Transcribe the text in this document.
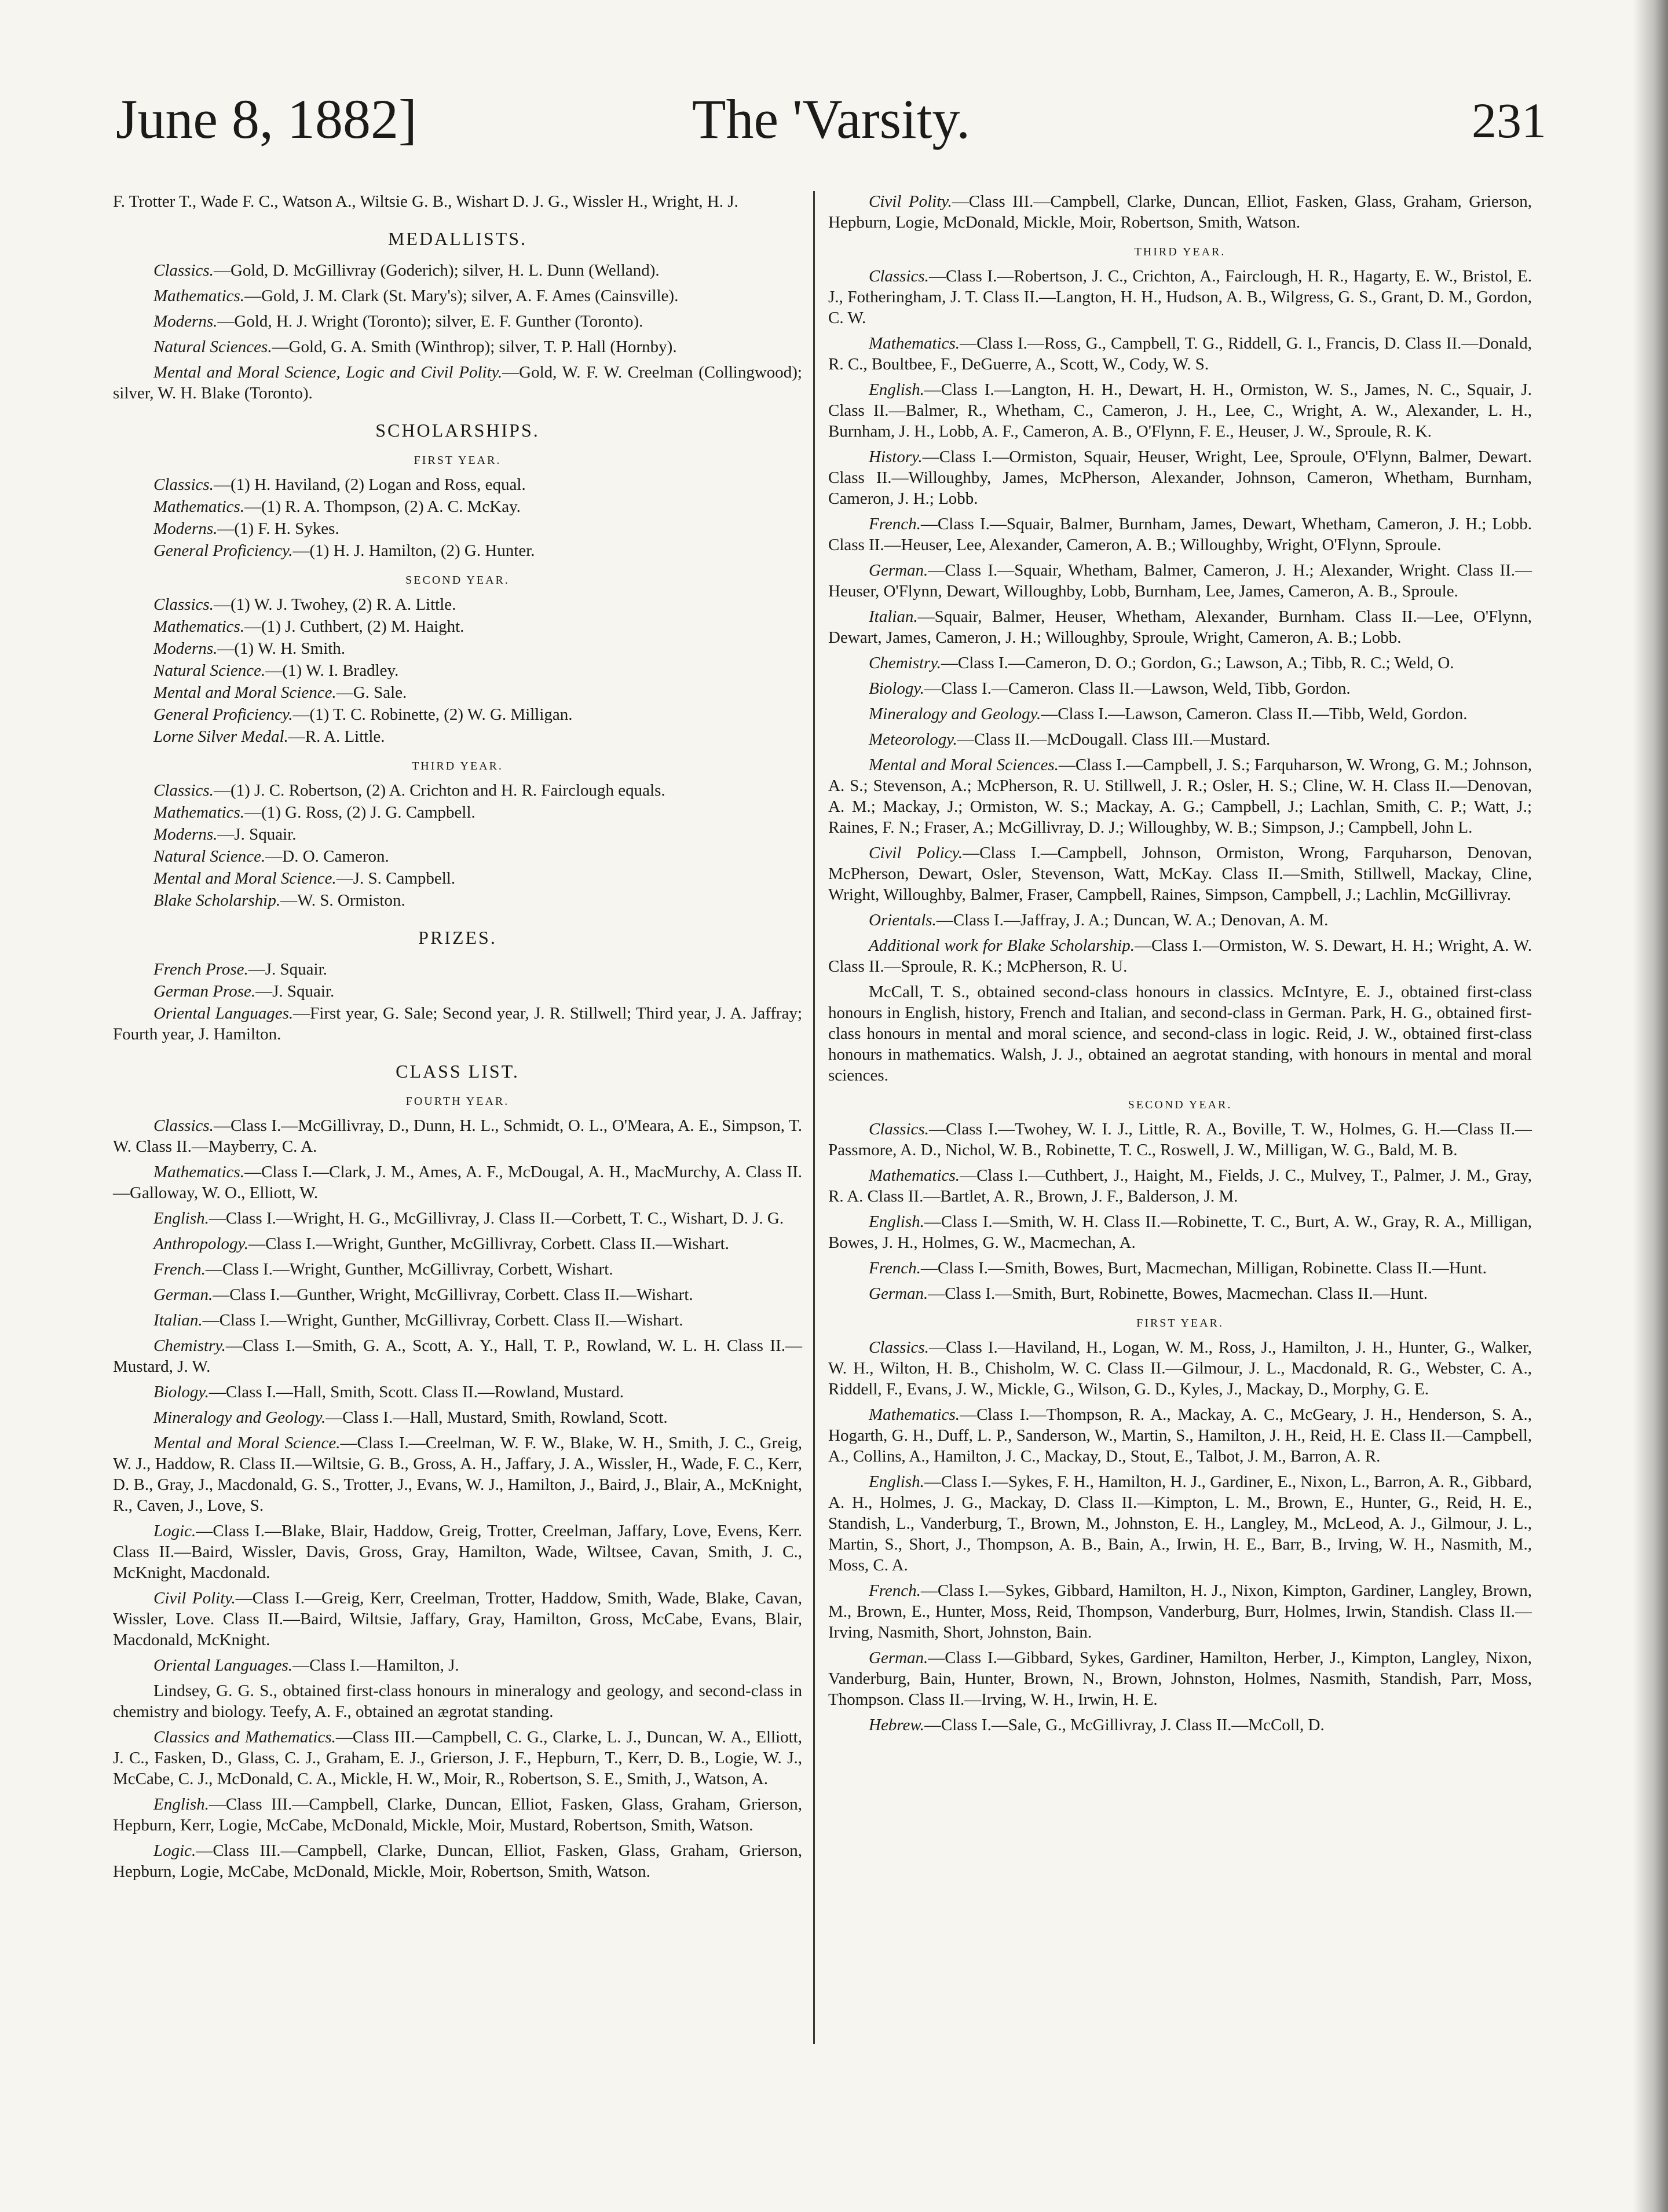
The 'Varsity.
June 8, 1882]	231

F. Trotter T., Wade F. C., Watson A., Wiltsie G. B., Wishart D. J. G., Wissler H., Wright, H. J.

MEDALLISTS.

Classics.—Gold, D. McGillivray (Goderich); silver, H. L. Dunn (Welland).

Mathematics.—Gold, J. M. Clark (St. Mary's); silver, A. F. Ames (Cainsville).

Moderns.—Gold, H. J. Wright (Toronto); silver, E. F. Gunther (Toronto).

Natural Sciences.—Gold, G. A. Smith (Winthrop); silver, T. P. Hall (Hornby).

Mental and Moral Science, Logic and Civil Polity.—Gold, W. F. W. Creelman (Collingwood); silver, W. H. Blake (Toronto).

SCHOLARSHIPS.
FIRST YEAR.

Classics.—(1) H. Haviland, (2) Logan and Ross, equal.

Mathematics.—(1) R. A. Thompson, (2) A. C. McKay.

Moderns.—(1) F. H. Sykes.

General Proficiency.—(1) H. J. Hamilton, (2) G. Hunter.

SECOND YEAR.

Classics.—(1) W. J. Twohey, (2) R. A. Little.

Mathematics.—(1) J. Cuthbert, (2) M. Haight.

Moderns.—(1) W. H. Smith.

Natural Science.—(1) W. I. Bradley.

Mental and Moral Science.—G. Sale.

General Proficiency.—(1) T. C. Robinette, (2) W. G. Milligan.

Lorne Silver Medal.—R. A. Little.

THIRD YEAR.

Classics.—(1) J. C. Robertson, (2) A. Crichton and H. R. Fairclough equals.

Mathematics.—(1) G. Ross, (2) J. G. Campbell.

Moderns.—J. Squair.

Natural Science.—D. O. Cameron.

Mental and Moral Science.—J. S. Campbell.

Blake Scholarship.—W. S. Ormiston.

PRIZES.

French Prose.—J. Squair.

German Prose.—J. Squair.

Oriental Languages.—First year, G. Sale; Second year, J. R. Stillwell; Third year, J. A. Jaffray; Fourth year, J. Hamilton.

CLASS LIST.
FOURTH YEAR.

Classics.—Class I.—McGillivray, D., Dunn, H. L., Schmidt, O. L., O'Meara, A. E., Simpson, T. W. Class II.—Mayberry, C. A.

Mathematics.—Class I.—Clark, J. M., Ames, A. F., McDougal, A. H., MacMurchy, A. Class II.—Galloway, W. O., Elliott, W.

English.—Class I.—Wright, H. G., McGillivray, J. Class II.—Corbett, T. C., Wishart, D. J. G.

Anthropology.—Class I.—Wright, Gunther, McGillivray, Corbett. Class II.—Wishart.

French.—Class I.—Wright, Gunther, McGillivray, Corbett, Wishart.

German.—Class I.—Gunther, Wright, McGillivray, Corbett. Class II.—Wishart.

Italian.—Class I.—Wright, Gunther, McGillivray, Corbett. Class II.—Wishart.

Chemistry.—Class I.—Smith, G. A., Scott, A. Y., Hall, T. P., Rowland, W. L. H. Class II.—Mustard, J. W.

Biology.—Class I.—Hall, Smith, Scott. Class II.—Rowland, Mustard.

Mineralogy and Geology.—Class I.—Hall, Mustard, Smith, Rowland, Scott.

Mental and Moral Science.—Class I.—Creelman, W. F. W., Blake, W. H., Smith, J. C., Greig, W. J., Haddow, R. Class II.—Wiltsie, G. B., Gross, A. H., Jaffary, J. A., Wissler, H., Wade, F. C., Kerr, D. B., Gray, J., Macdonald, G. S., Trotter, J., Evans, W. J., Hamilton, J., Baird, J., Blair, A., McKnight, R., Caven, J., Love, S.

Logic.—Class I.—Blake, Blair, Haddow, Greig, Trotter, Creelman, Jaffary, Love, Evens, Kerr. Class II.—Baird, Wissler, Davis, Gross, Gray, Hamilton, Wade, Wiltsee, Cavan, Smith, J. C., McKnight, Macdonald.

Civil Polity.—Class I.—Greig, Kerr, Creelman, Trotter, Haddow, Smith, Wade, Blake, Cavan, Wissler, Love. Class II.—Baird, Wiltsie, Jaffary, Gray, Hamilton, Gross, McCabe, Evans, Blair, Macdonald, McKnight.

Oriental Languages.—Class I.—Hamilton, J.

Lindsey, G. G. S., obtained first-class honours in mineralogy and geology, and second-class in chemistry and biology. Teefy, A. F., obtained an ægrotat standing.

Classics and Mathematics.—Class III.—Campbell, C. G., Clarke, L. J., Duncan, W. A., Elliott, J. C., Fasken, D., Glass, C. J., Graham, E. J., Grierson, J. F., Hepburn, T., Kerr, D. B., Logie, W. J., McCabe, C. J., McDonald, C. A., Mickle, H. W., Moir, R., Robertson, S. E., Smith, J., Watson, A.

English.—Class III.—Campbell, Clarke, Duncan, Elliot, Fasken, Glass, Graham, Grierson, Hepburn, Kerr, Logie, McCabe, McDonald, Mickle, Moir, Mustard, Robertson, Smith, Watson.

Logic.—Class III.—Campbell, Clarke, Duncan, Elliot, Fasken, Glass, Graham, Grierson, Hepburn, Logie, McCabe, McDonald, Mickle, Moir, Robertson, Smith, Watson.

Civil Polity.—Class III.—Campbell, Clarke, Duncan, Elliot, Fasken, Glass, Graham, Grierson, Hepburn, Logie, McDonald, Mickle, Moir, Robertson, Smith, Watson.

THIRD YEAR.

Classics.—Class I.—Robertson, J. C., Crichton, A., Fairclough, H. R., Hagarty, E. W., Bristol, E. J., Fotheringham, J. T. Class II.—Langton, H. H., Hudson, A. B., Wilgress, G. S., Grant, D. M., Gordon, C. W.

Mathematics.—Class I.—Ross, G., Campbell, T. G., Riddell, G. I., Francis, D. Class II.—Donald, R. C., Boultbee, F., DeGuerre, A., Scott, W., Cody, W. S.

English.—Class I.—Langton, H. H., Dewart, H. H., Ormiston, W. S., James, N. C., Squair, J. Class II.—Balmer, R., Whetham, C., Cameron, J. H., Lee, C., Wright, A. W., Alexander, L. H., Burnham, J. H., Lobb, A. F., Cameron, A. B., O'Flynn, F. E., Heuser, J. W., Sproule, R. K.

History.—Class I.—Ormiston, Squair, Heuser, Wright, Lee, Sproule, O'Flynn, Balmer, Dewart. Class II.—Willoughby, James, McPherson, Alexander, Johnson, Cameron, Whetham, Burnham, Cameron, J. H.; Lobb.

French.—Class I.—Squair, Balmer, Burnham, James, Dewart, Whetham, Cameron, J. H.; Lobb. Class II.—Heuser, Lee, Alexander, Cameron, A. B.; Willoughby, Wright, O'Flynn, Sproule.

German.—Class I.—Squair, Whetham, Balmer, Cameron, J. H.; Alexander, Wright. Class II.—Heuser, O'Flynn, Dewart, Willoughby, Lobb, Burnham, Lee, James, Cameron, A. B., Sproule.

Italian.—Squair, Balmer, Heuser, Whetham, Alexander, Burnham. Class II.—Lee, O'Flynn, Dewart, James, Cameron, J. H.; Willoughby, Sproule, Wright, Cameron, A. B.; Lobb.

Chemistry.—Class I.—Cameron, D. O.; Gordon, G.; Lawson, A.; Tibb, R. C.; Weld, O.

Biology.—Class I.—Cameron. Class II.—Lawson, Weld, Tibb, Gordon.

Mineralogy and Geology.—Class I.—Lawson, Cameron. Class II.—Tibb, Weld, Gordon.

Meteorology.—Class II.—McDougall. Class III.—Mustard.

Mental and Moral Sciences.—Class I.—Campbell, J. S.; Farquharson, W. Wrong, G. M.; Johnson, A. S.; Stevenson, A.; McPherson, R. U. Stillwell, J. R.; Osler, H. S.; Cline, W. H. Class II.—Denovan, A. M.; Mackay, J.; Ormiston, W. S.; Mackay, A. G.; Campbell, J.; Lachlan, Smith, C. P.; Watt, J.; Raines, F. N.; Fraser, A.; McGillivray, D. J.; Willoughby, W. B.; Simpson, J.; Campbell, John L.

Civil Policy.—Class I.—Campbell, Johnson, Ormiston, Wrong, Farquharson, Denovan, McPherson, Dewart, Osler, Stevenson, Watt, McKay. Class II.—Smith, Stillwell, Mackay, Cline, Wright, Willoughby, Balmer, Fraser, Campbell, Raines, Simpson, Campbell, J.; Lachlin, McGillivray.

Orientals.—Class I.—Jaffray, J. A.; Duncan, W. A.; Denovan, A. M.

Additional work for Blake Scholarship.—Class I.—Ormiston, W. S. Dewart, H. H.; Wright, A. W. Class II.—Sproule, R. K.; McPherson, R. U.

McCall, T. S., obtained second-class honours in classics. McIntyre, E. J., obtained first-class honours in English, history, French and Italian, and second-class in German. Park, H. G., obtained first-class honours in mental and moral science, and second-class in logic. Reid, J. W., obtained first-class honours in mathematics. Walsh, J. J., obtained an aegrotat standing, with honours in mental and moral sciences.

SECOND YEAR.

Classics.—Class I.—Twohey, W. I. J., Little, R. A., Boville, T. W., Holmes, G. H.—Class II.—Passmore, A. D., Nichol, W. B., Robinette, T. C., Roswell, J. W., Milligan, W. G., Bald, M. B.

Mathematics.—Class I.—Cuthbert, J., Haight, M., Fields, J. C., Mulvey, T., Palmer, J. M., Gray, R. A. Class II.—Bartlet, A. R., Brown, J. F., Balderson, J. M.

English.—Class I.—Smith, W. H. Class II.—Robinette, T. C., Burt, A. W., Gray, R. A., Milligan, Bowes, J. H., Holmes, G. W., Macmechan, A.

French.—Class I.—Smith, Bowes, Burt, Macmechan, Milligan, Robinette. Class II.—Hunt.

German.—Class I.—Smith, Burt, Robinette, Bowes, Macmechan. Class II.—Hunt.

FIRST YEAR.

Classics.—Class I.—Haviland, H., Logan, W. M., Ross, J., Hamilton, J. H., Hunter, G., Walker, W. H., Wilton, H. B., Chisholm, W. C. Class II.—Gilmour, J. L., Macdonald, R. G., Webster, C. A., Riddell, F., Evans, J. W., Mickle, G., Wilson, G. D., Kyles, J., Mackay, D., Morphy, G. E.

Mathematics.—Class I.—Thompson, R. A., Mackay, A. C., McGeary, J. H., Henderson, S. A., Hogarth, G. H., Duff, L. P., Sanderson, W., Martin, S., Hamilton, J. H., Reid, H. E. Class II.—Campbell, A., Collins, A., Hamilton, J. C., Mackay, D., Stout, E., Talbot, J. M., Barron, A. R.

English.—Class I.—Sykes, F. H., Hamilton, H. J., Gardiner, E., Nixon, L., Barron, A. R., Gibbard, A. H., Holmes, J. G., Mackay, D. Class II.—Kimpton, L. M., Brown, E., Hunter, G., Reid, H. E., Standish, L., Vanderburg, T., Brown, M., Johnston, E. H., Langley, M., McLeod, A. J., Gilmour, J. L., Martin, S., Short, J., Thompson, A. B., Bain, A., Irwin, H. E., Barr, B., Irving, W. H., Nasmith, M., Moss, C. A.

French.—Class I.—Sykes, Gibbard, Hamilton, H. J., Nixon, Kimpton, Gardiner, Langley, Brown, M., Brown, E., Hunter, Moss, Reid, Thompson, Vanderburg, Burr, Holmes, Irwin, Standish. Class II.—Irving, Nasmith, Short, Johnston, Bain.

German.—Class I.—Gibbard, Sykes, Gardiner, Hamilton, Herber, J., Kimpton, Langley, Nixon, Vanderburg, Bain, Hunter, Brown, N., Brown, Johnston, Holmes, Nasmith, Standish, Parr, Moss, Thompson. Class II.—Irving, W. H., Irwin, H. E.

Hebrew.—Class I.—Sale, G., McGillivray, J. Class II.—McColl, D.
